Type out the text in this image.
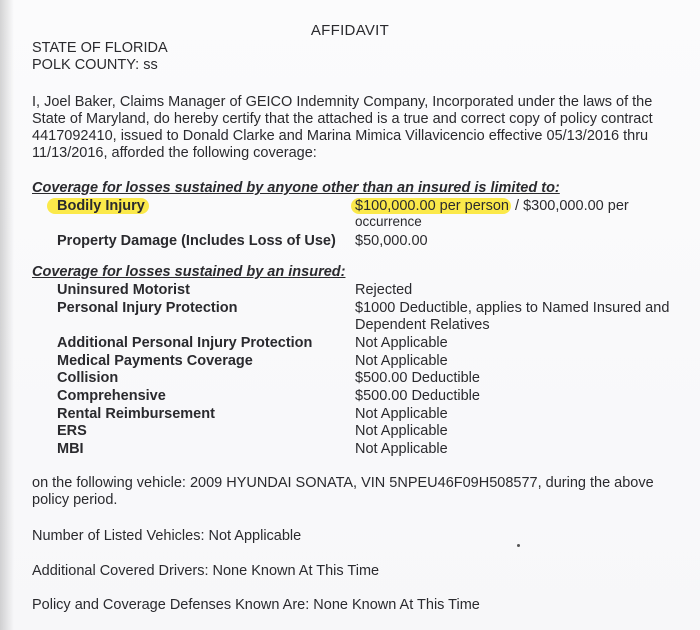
AFFIDAVIT
STATE OF FLORIDA
POLK COUNTY: ss
I, Joel Baker, Claims Manager of GEICO Indemnity Company, Incorporated under the laws of the
State of Maryland, do hereby certify that the attached is a true and correct copy of policy contract
4417092410, issued to Donald Clarke and Marina Mimica Villavicencio effective 05/13/2016 thru
11/13/2016, afforded the following coverage:
Coverage for losses sustained by anyone other than an insured is limited to:
Bodily Injury	$100,000.00 per person / $300,000.00 per
occurrence
Property Damage (Includes Loss of Use) $50,000.00
Coverage for losses sustained by an insured:
Uninsured Motorist	Rejected
Personal Injury Protection	$1000 Deductible, applies to Named Insured and
Dependent Relatives
Additional Personal Injury Protection	Not Applicable
Medical Payments Coverage	Not Applicable
Collision	$500.00 Deductible
Comprehensive	$500.00 Deductible
Rental Reimbursement	Not Applicable
ERS	Not Applicable
MBI	Not Applicable
on the following vehicle: 2009 HYUNDAI SONATA, VIN 5NPEU46F09H508577, during the above
policy period.
Number of Listed Vehicles: Not Applicable
Additional Covered Drivers: None Known At This Time
Policy and Coverage Defenses Known Are: None Known At This Time
